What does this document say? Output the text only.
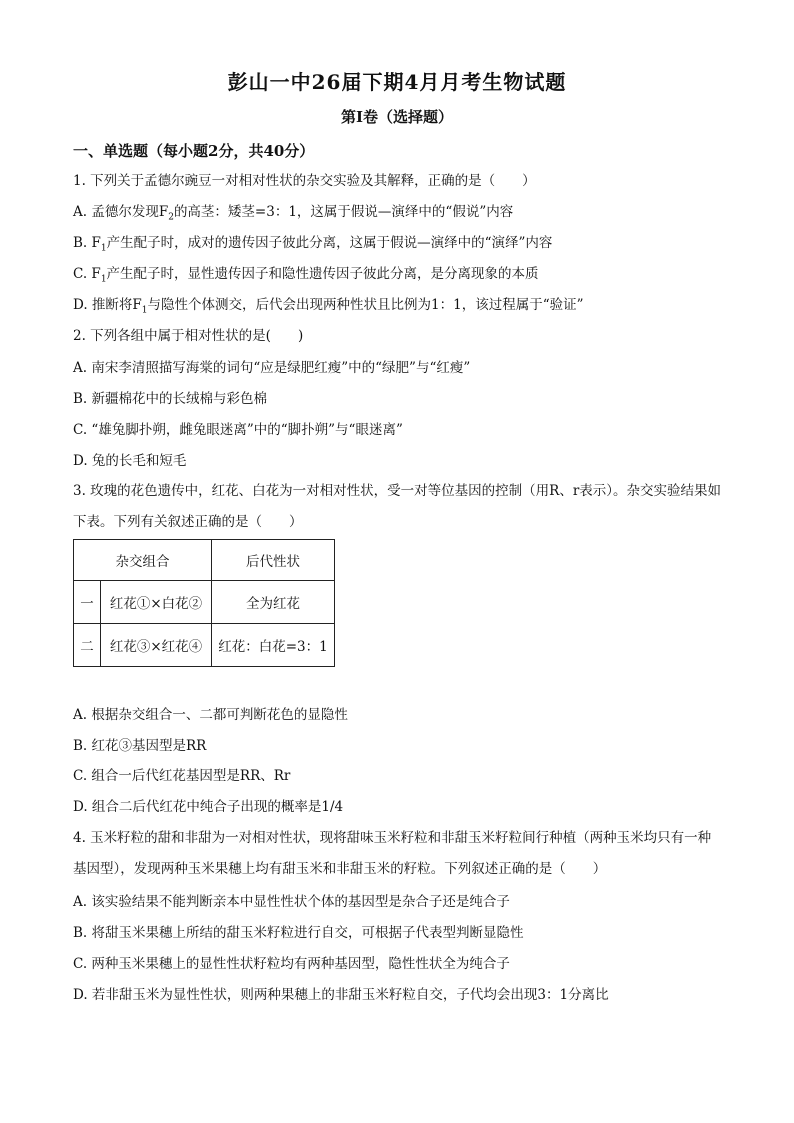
彭山一中26届下期4月月考生物试题
第I卷（选择题）
一、单选题（每小题2分，共40分）
1. 下列关于孟德尔豌豆一对相对性状的杂交实验及其解释，正确的是（　　）
A. 孟德尔发现$F_2$的高茎：矮茎=3：1，这属于假说—演绎中的“假说”内容
B. $F_1$产生配子时，成对的遗传因子彼此分离，这属于假说—演绎中的“演绎”内容
C. $F_1$产生配子时，显性遗传因子和隐性遗传因子彼此分离，是分离现象的本质
D. 推断将$F_1$与隐性个体测交，后代会出现两种性状且比例为1：1，该过程属于“验证”
2. 下列各组中属于相对性状的是(　　)
A. 南宋李清照描写海棠的词句“应是绿肥红瘦”中的“绿肥”与“红瘦”
B. 新疆棉花中的长绒棉与彩色棉
C. “雄兔脚扑朔，雌兔眼迷离”中的“脚扑朔”与“眼迷离”
D. 兔的长毛和短毛
3. 玫瑰的花色遗传中，红花、白花为一对相对性状，受一对等位基因的控制（用R、r表示）。杂交实验结果如下表。下列有关叙述正确的是（　　）
杂交组合		后代性状
一	红花①×白花②	全为红花
二	红花③×红花④	红花：白花=3：1
A. 根据杂交组合一、二都可判断花色的显隐性
B. 红花③基因型是RR
C. 组合一后代红花基因型是RR、Rr
D. 组合二后代红花中纯合子出现的概率是1/4
4. 玉米籽粒的甜和非甜为一对相对性状，现将甜味玉米籽粒和非甜玉米籽粒间行种植（两种玉米均只有一种基因型），发现两种玉米果穗上均有甜玉米和非甜玉米的籽粒。下列叙述正确的是（　　）
A. 该实验结果不能判断亲本中显性性状个体的基因型是杂合子还是纯合子
B. 将甜玉米果穗上所结的甜玉米籽粒进行自交，可根据子代表型判断显隐性
C. 两种玉米果穗上的显性性状籽粒均有两种基因型，隐性性状全为纯合子
D. 若非甜玉米为显性性状，则两种果穗上的非甜玉米籽粒自交，子代均会出现3：1分离比
